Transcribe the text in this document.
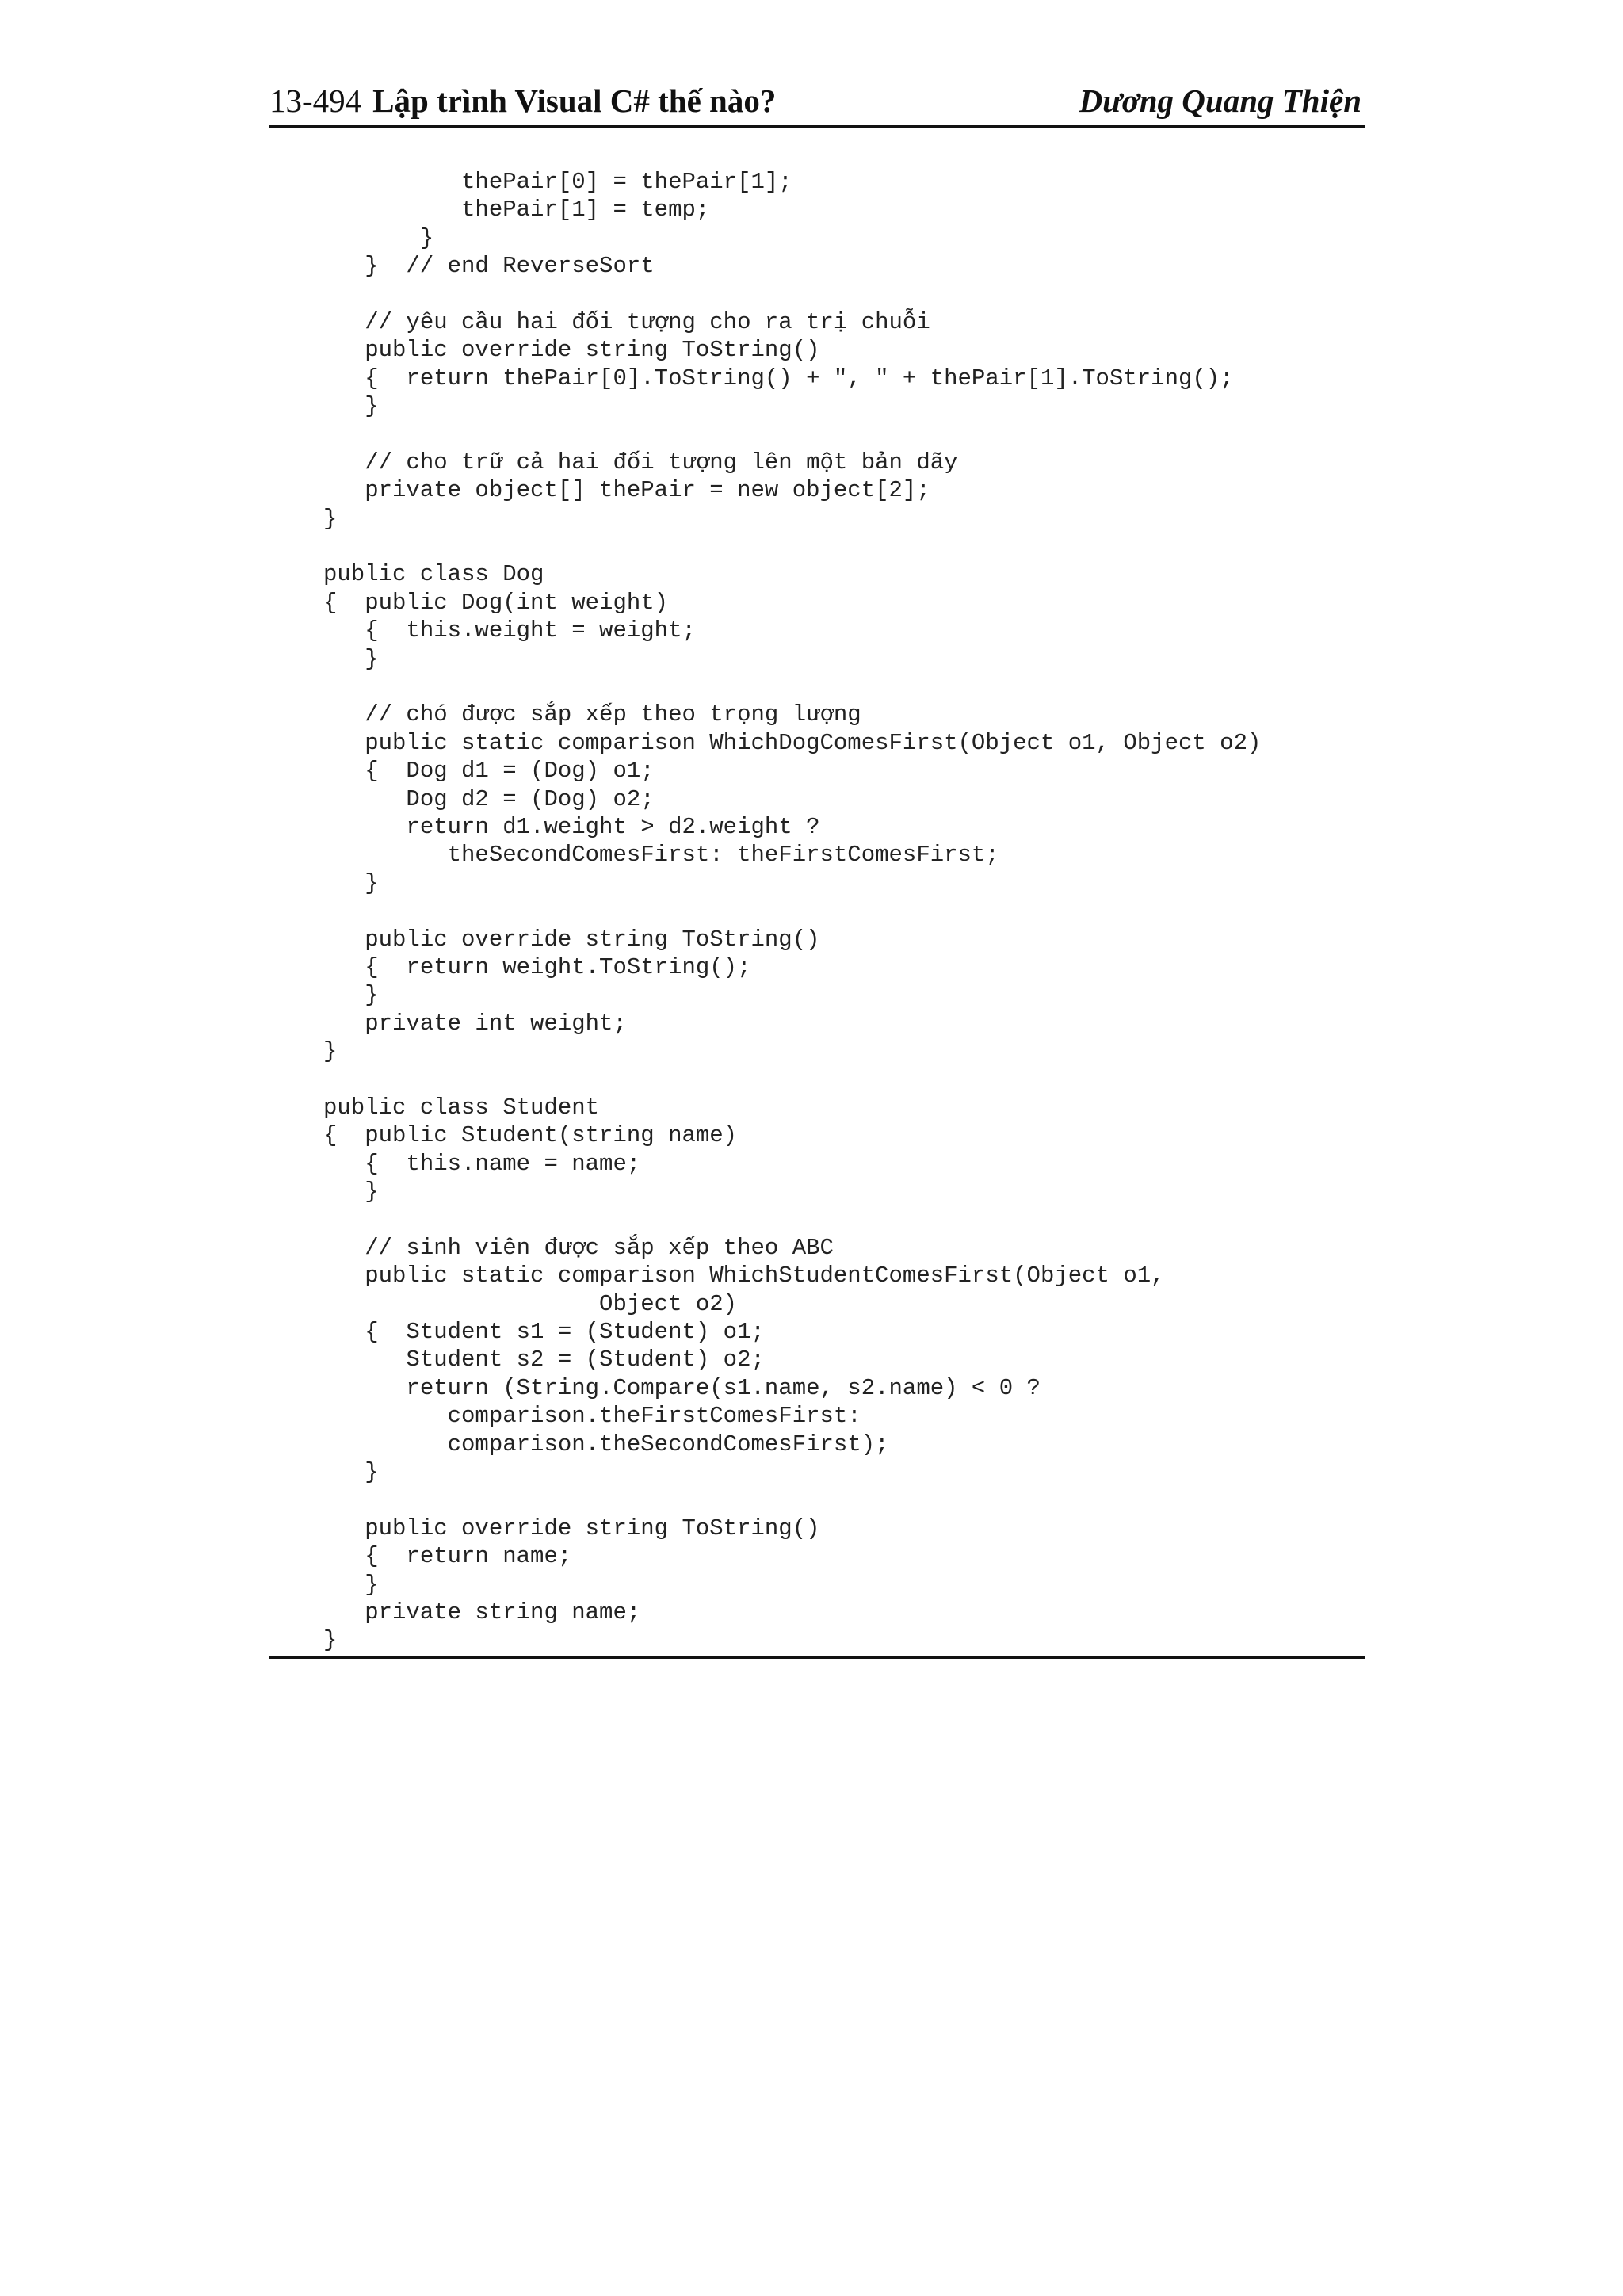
13-494 Lập trình Visual C# thế nào?	Dương Quang Thiện
thePair[0] = thePair[1];
thePair[1] = temp;
}
}  // end ReverseSort
// yêu cầu hai đối tượng cho ra trị chuỗi
public override string ToString()
{  return thePair[0].ToString() + ", " + thePair[1].ToString();
}
// cho trữ cả hai đối tượng lên một bản dãy
private object[] thePair = new object[2];
}
public class Dog
{  public Dog(int weight)
{  this.weight = weight;
}
// chó được sắp xếp theo trọng lượng
public static comparison WhichDogComesFirst(Object o1, Object o2)
{  Dog d1 = (Dog) o1;
Dog d2 = (Dog) o2;
return d1.weight > d2.weight ?
theSecondComesFirst: theFirstComesFirst;
}
public override string ToString()
{  return weight.ToString();
}
private int weight;
}
public class Student
{  public Student(string name)
{  this.name = name;
}
// sinh viên được sắp xếp theo ABC
public static comparison WhichStudentComesFirst(Object o1,
Object o2)
{  Student s1 = (Student) o1;
Student s2 = (Student) o2;
return (String.Compare(s1.name, s2.name) < 0 ?
comparison.theFirstComesFirst:
comparison.theSecondComesFirst);
}
public override string ToString()
{  return name;
}
private string name;
}
